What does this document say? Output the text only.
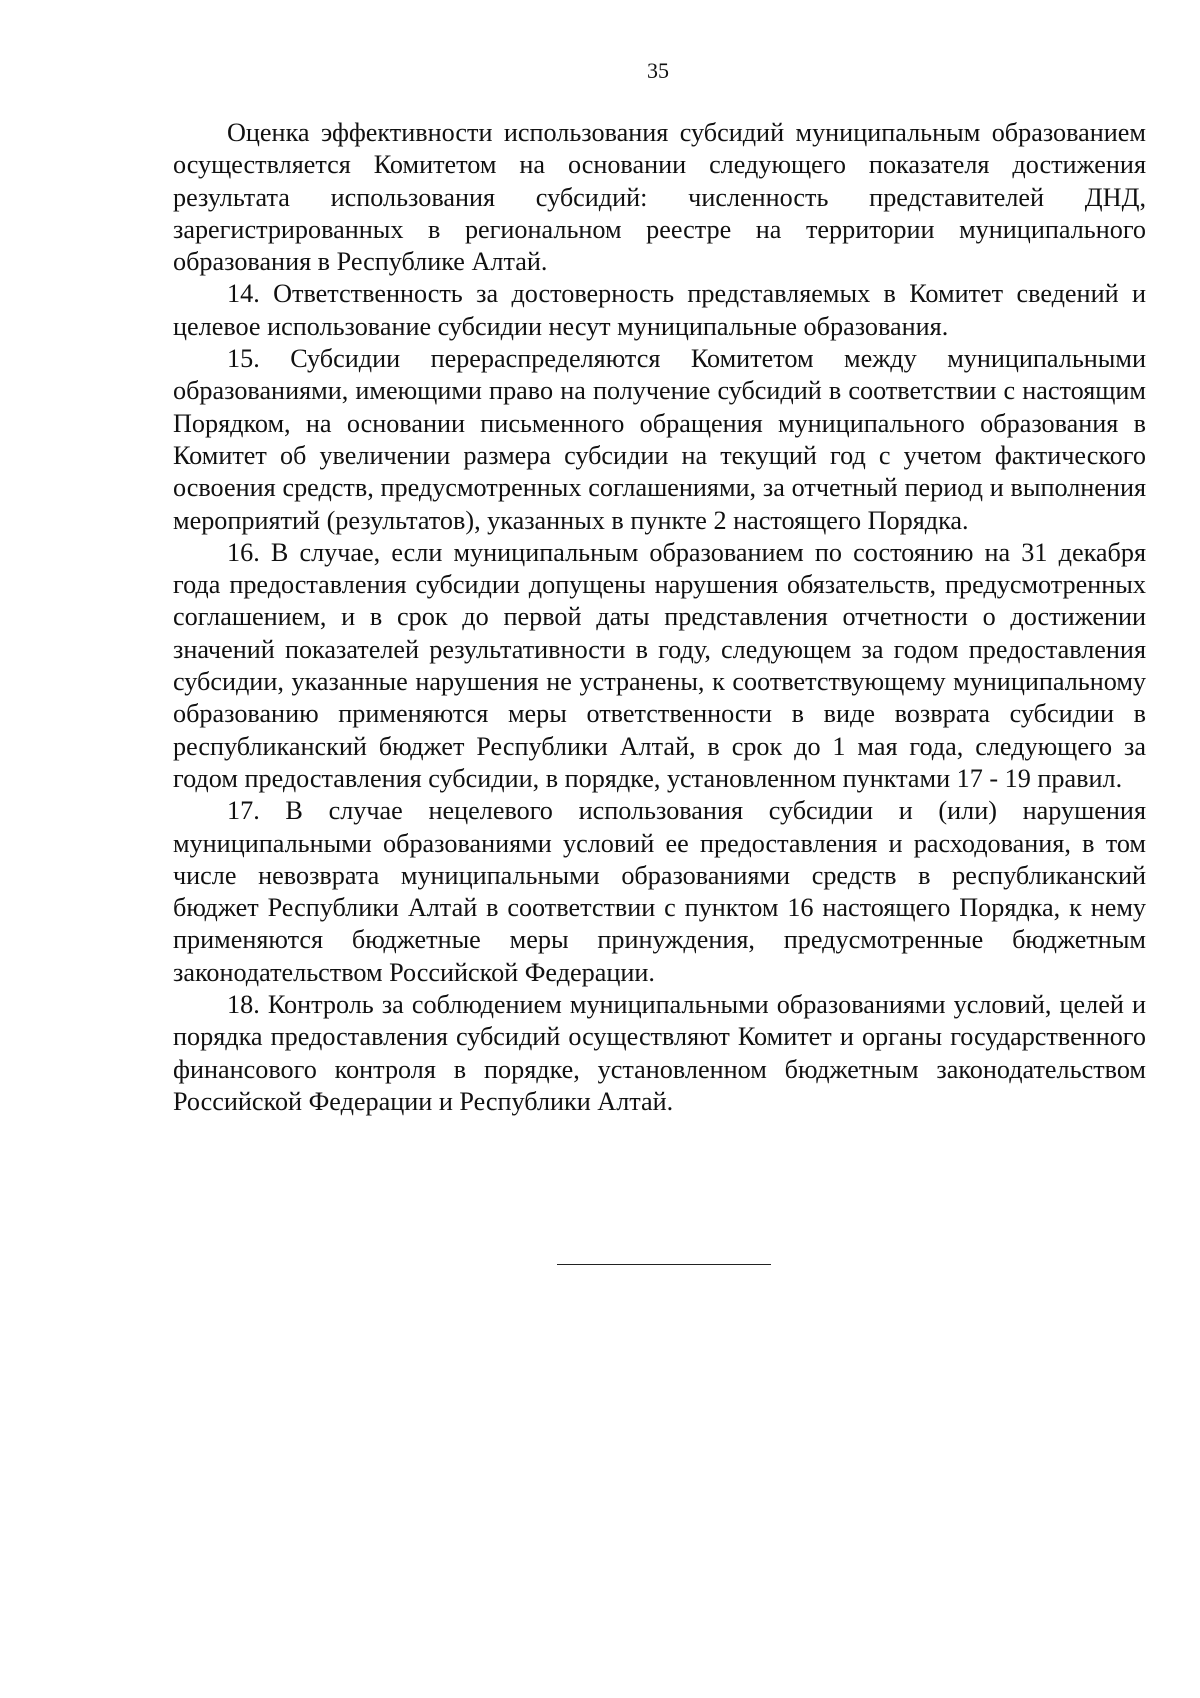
35

Оценка эффективности использования субсидий муниципальным образованием осуществляется Комитетом на основании следующего показателя достижения результата использования субсидий: численность представителей ДНД, зарегистрированных в региональном реестре на территории муниципального образования в Республике Алтай.

14. Ответственность за достоверность представляемых в Комитет сведений и целевое использование субсидии несут муниципальные образования.

15. Субсидии перераспределяются Комитетом между муниципальными образованиями, имеющими право на получение субсидий в соответствии с настоящим Порядком, на основании письменного обращения муниципального образования в Комитет об увеличении размера субсидии на текущий год с учетом фактического освоения средств, предусмотренных соглашениями, за отчетный период и выполнения мероприятий (результатов), указанных в пункте 2 настоящего Порядка.

16. В случае, если муниципальным образованием по состоянию на 31 декабря года предоставления субсидии допущены нарушения обязательств, предусмотренных соглашением, и в срок до первой даты представления отчетности о достижении значений показателей результативности в году, следующем за годом предоставления субсидии, указанные нарушения не устранены, к соответствующему муниципальному образованию применяются меры ответственности в виде возврата субсидии в республиканский бюджет Республики Алтай, в срок до 1 мая года, следующего за годом предоставления субсидии, в порядке, установленном пунктами 17 - 19 правил.

17. В случае нецелевого использования субсидии и (или) нарушения муниципальными образованиями условий ее предоставления и расходования, в том числе невозврата муниципальными образованиями средств в республиканский бюджет Республики Алтай в соответствии с пунктом 16 настоящего Порядка, к нему применяются бюджетные меры принуждения, предусмотренные бюджетным законодательством Российской Федерации.

18. Контроль за соблюдением муниципальными образованиями условий, целей и порядка предоставления субсидий осуществляют Комитет и органы государственного финансового контроля в порядке, установленном бюджетным законодательством Российской Федерации и Республики Алтай.
